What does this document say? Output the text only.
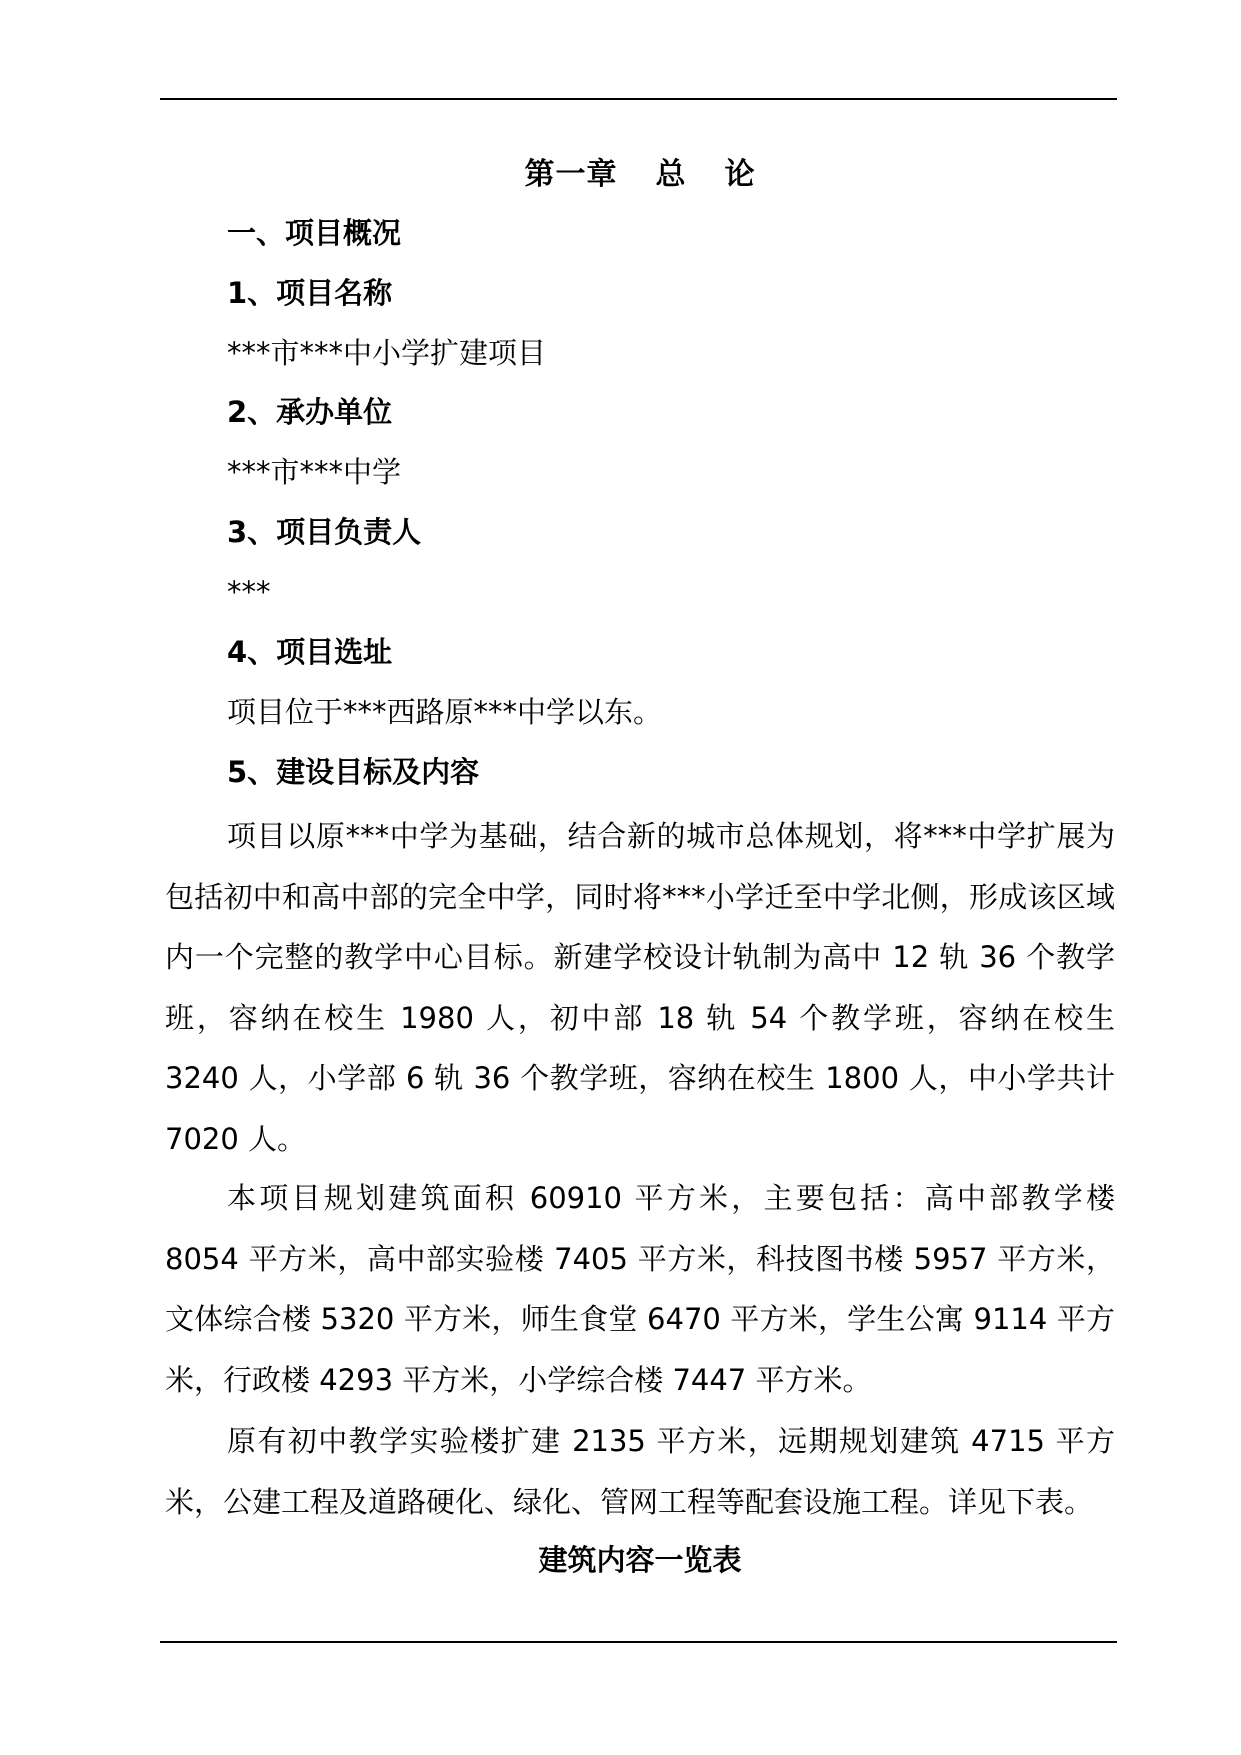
第一章 总 论
一、项目概况
1、项目名称
***市***中小学扩建项目
2、承办单位
***市***中学
3、项目负责人
***
4、项目选址
项目位于***西路原***中学以东。
5、建设目标及内容

项目以原***中学为基础，结合新的城市总体规划，将***中学扩展为包括初中和高中部的完全中学，同时将***小学迁至中学北侧，形成该区域内一个完整的教学中心目标。新建学校设计轨制为高中 12 轨 36 个教学班，容纳在校生 1980 人，初中部 18 轨 54 个教学班，容纳在校生 3240 人，小学部 6 轨 36 个教学班，容纳在校生 1800 人，中小学共计 7020 人。

本项目规划建筑面积 60910 平方米，主要包括：高中部教学楼 8054 平方米，高中部实验楼 7405 平方米，科技图书楼 5957 平方米，文体综合楼 5320 平方米，师生食堂 6470 平方米，学生公寓 9114 平方米，行政楼 4293 平方米，小学综合楼 7447 平方米。

原有初中教学实验楼扩建 2135 平方米，远期规划建筑 4715 平方米，公建工程及道路硬化、绿化、管网工程等配套设施工程。详见下表。

建筑内容一览表
